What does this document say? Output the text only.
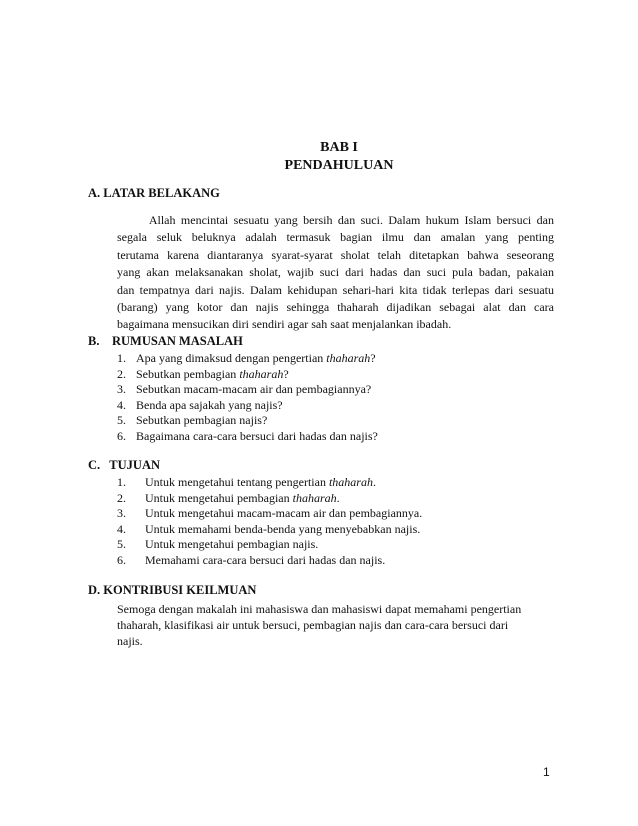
BAB I
PENDAHULUAN
A. LATAR BELAKANG
Allah mencintai sesuatu yang bersih dan suci. Dalam hukum Islam bersuci dan
segala seluk beluknya adalah termasuk bagian ilmu dan amalan yang penting
terutama karena diantaranya syarat-syarat sholat telah ditetapkan bahwa seseorang
yang akan melaksanakan sholat, wajib suci dari hadas dan suci pula badan, pakaian
dan tempatnya dari najis. Dalam kehidupan sehari-hari kita tidak terlepas dari sesuatu
(barang) yang kotor dan najis sehingga thaharah dijadikan sebagai alat dan cara
bagaimana mensucikan diri sendiri agar sah saat menjalankan ibadah.
B.    RUMUSAN MASALAH
1. Apa yang dimaksud dengan pengertian thaharah?
2. Sebutkan pembagian thaharah?
3. Sebutkan macam-macam air dan pembagiannya?
4. Benda apa sajakah yang najis?
5. Sebutkan pembagian najis?
6. Bagaimana cara-cara bersuci dari hadas dan najis?
C.   TUJUAN
1. Untuk mengetahui tentang pengertian thaharah.
2. Untuk mengetahui pembagian thaharah.
3. Untuk mengetahui macam-macam air dan pembagiannya.
4. Untuk memahami benda-benda yang menyebabkan najis.
5. Untuk mengetahui pembagian najis.
6. Memahami cara-cara bersuci dari hadas dan najis.
D. KONTRIBUSI KEILMUAN
Semoga dengan makalah ini mahasiswa dan mahasiswi dapat memahami pengertian
thaharah, klasifikasi air untuk bersuci, pembagian najis dan cara-cara bersuci dari
najis.
1
